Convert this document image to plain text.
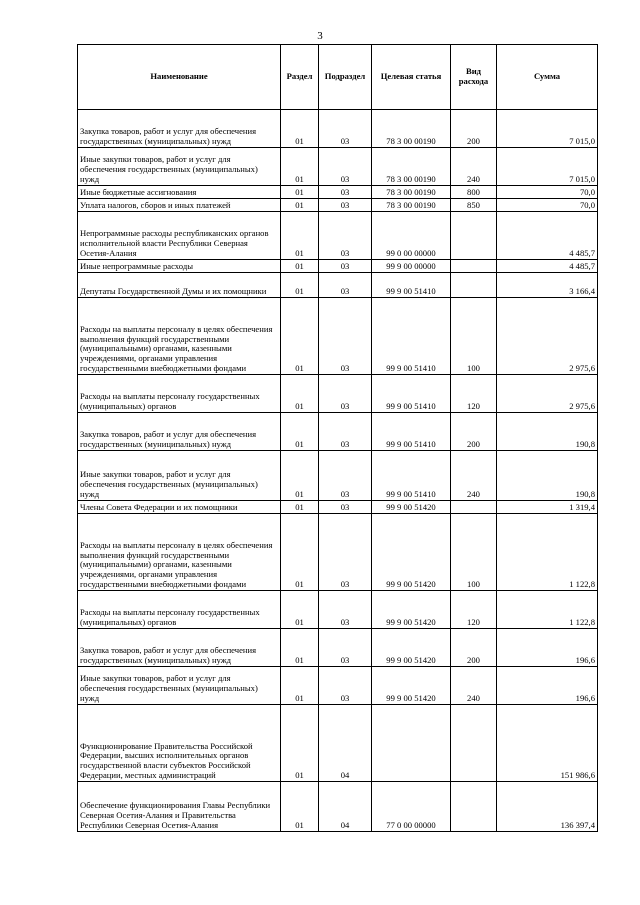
3
Наименование	Раздел	Подраздел	Целевая статья	Вид расхода	Сумма
Закупка товаров, работ и услуг для обеспечения государственных (муниципальных) нужд	01	03	78 3 00 00190	200	7 015,0
Иные закупки товаров, работ и услуг для обеспечения государственных (муниципальных) нужд	01	03	78 3 00 00190	240	7 015,0
Иные бюджетные ассигнования	01	03	78 3 00 00190	800	70,0
Уплата налогов, сборов и иных платежей	01	03	78 3 00 00190	850	70,0
Непрограммные расходы республиканских органов исполнительной власти Республики Северная Осетия-Алания	01	03	99 0 00 00000		4 485,7
Иные непрограммные расходы	01	03	99 9 00 00000		4 485,7
Депутаты Государственной Думы и их помощники	01	03	99 9 00 51410		3 166,4
Расходы на выплаты персоналу в целях обеспечения выполнения функций государственными (муниципальными) органами, казенными учреждениями, органами управления государственными внебюджетными фондами	01	03	99 9 00 51410	100	2 975,6
Расходы на выплаты персоналу государственных (муниципальных) органов	01	03	99 9 00 51410	120	2 975,6
Закупка товаров, работ и услуг для обеспечения государственных (муниципальных) нужд	01	03	99 9 00 51410	200	190,8
Иные закупки товаров, работ и услуг для обеспечения государственных (муниципальных) нужд	01	03	99 9 00 51410	240	190,8
Члены Совета Федерации и их помощники	01	03	99 9 00 51420		1 319,4
Расходы на выплаты персоналу в целях обеспечения выполнения функций государственными (муниципальными) органами, казенными учреждениями, органами управления государственными внебюджетными фондами	01	03	99 9 00 51420	100	1 122,8
Расходы на выплаты персоналу государственных (муниципальных) органов	01	03	99 9 00 51420	120	1 122,8
Закупка товаров, работ и услуг для обеспечения государственных (муниципальных) нужд	01	03	99 9 00 51420	200	196,6
Иные закупки товаров, работ и услуг для обеспечения государственных (муниципальных) нужд	01	03	99 9 00 51420	240	196,6
Функционирование Правительства Российской Федерации, высших исполнительных органов государственной власти субъектов Российской Федерации, местных администраций	01	04			151 986,6
Обеспечение функционирования Главы Республики Северная Осетия-Алания и Правительства Республики Северная Осетия-Алания	01	04	77 0 00 00000		136 397,4
